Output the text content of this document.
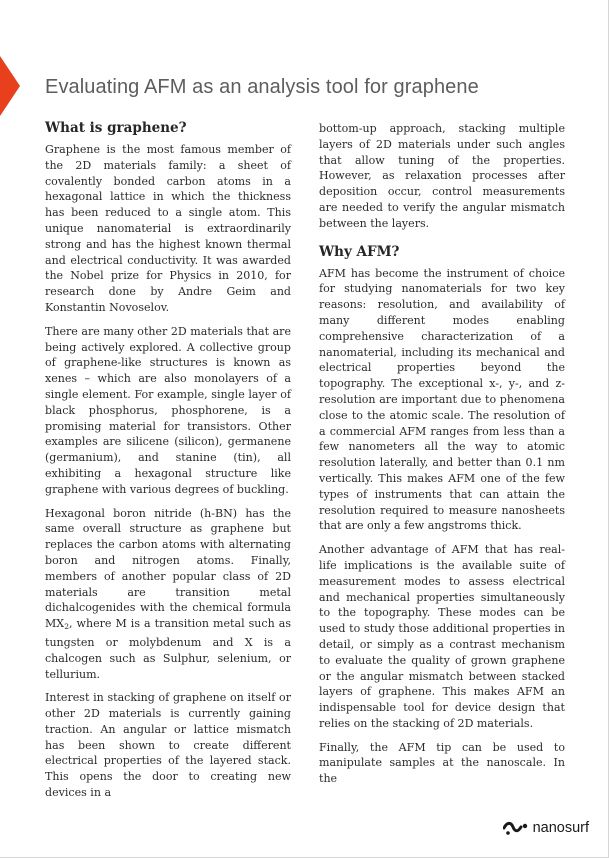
Evaluating AFM as an analysis tool for graphene
What is graphene?

Graphene is the most famous member of the 2D materials family: a sheet of covalently bonded carbon atoms in a hexagonal lattice in which the thickness has been reduced to a single atom. This unique nanomaterial is extraordinarily strong and has the highest known thermal and electrical conductivity. It was awarded the Nobel prize for Physics in 2010, for research done by Andre Geim and Konstantin Novoselov.

There are many other 2D materials that are being actively explored. A collective group of graphene-like structures is known as xenes – which are also monolayers of a single element. For example, single layer of black phosphorus, phosphorene, is a promising material for transistors. Other examples are silicene (silicon), germanene (germanium), and stanine (tin), all exhibiting a hexagonal structure like graphene with various degrees of buckling.

Hexagonal boron nitride (h-BN) has the same overall structure as graphene but replaces the carbon atoms with alternating boron and nitrogen atoms. Finally, members of another popular class of 2D materials are transition metal dichalcogenides with the chemical formula $MX_2$, where M is a transition metal such as tungsten or molybdenum and X is a chalcogen such as Sulphur, selenium, or tellurium.

Interest in stacking of graphene on itself or other 2D materials is currently gaining traction. An angular or lattice mismatch has been shown to create different electrical properties of the layered stack. This opens the door to creating new devices in a

bottom-up approach, stacking multiple layers of 2D materials under such angles that allow tuning of the properties. However, as relaxation processes after deposition occur, control measurements are needed to verify the angular mismatch between the layers.

Why AFM?

AFM has become the instrument of choice for studying nanomaterials for two key reasons: resolution, and availability of many different modes enabling comprehensive characterization of a nanomaterial, including its mechanical and electrical properties beyond the topography. The exceptional x-, y-, and z-resolution are important due to phenomena close to the atomic scale. The resolution of a commercial AFM ranges from less than a few nanometers all the way to atomic resolution laterally, and better than 0.1 nm vertically. This makes AFM one of the few types of instruments that can attain the resolution required to measure nanosheets that are only a few angstroms thick.

Another advantage of AFM that has real-life implications is the available suite of measurement modes to assess electrical and mechanical properties simultaneously to the topography. These modes can be used to study those additional properties in detail, or simply as a contrast mechanism to evaluate the quality of grown graphene or the angular mismatch between stacked layers of graphene. This makes AFM an indispensable tool for device design that relies on the stacking of 2D materials.

Finally, the AFM tip can be used to manipulate samples at the nanoscale. In the

nanosurf
